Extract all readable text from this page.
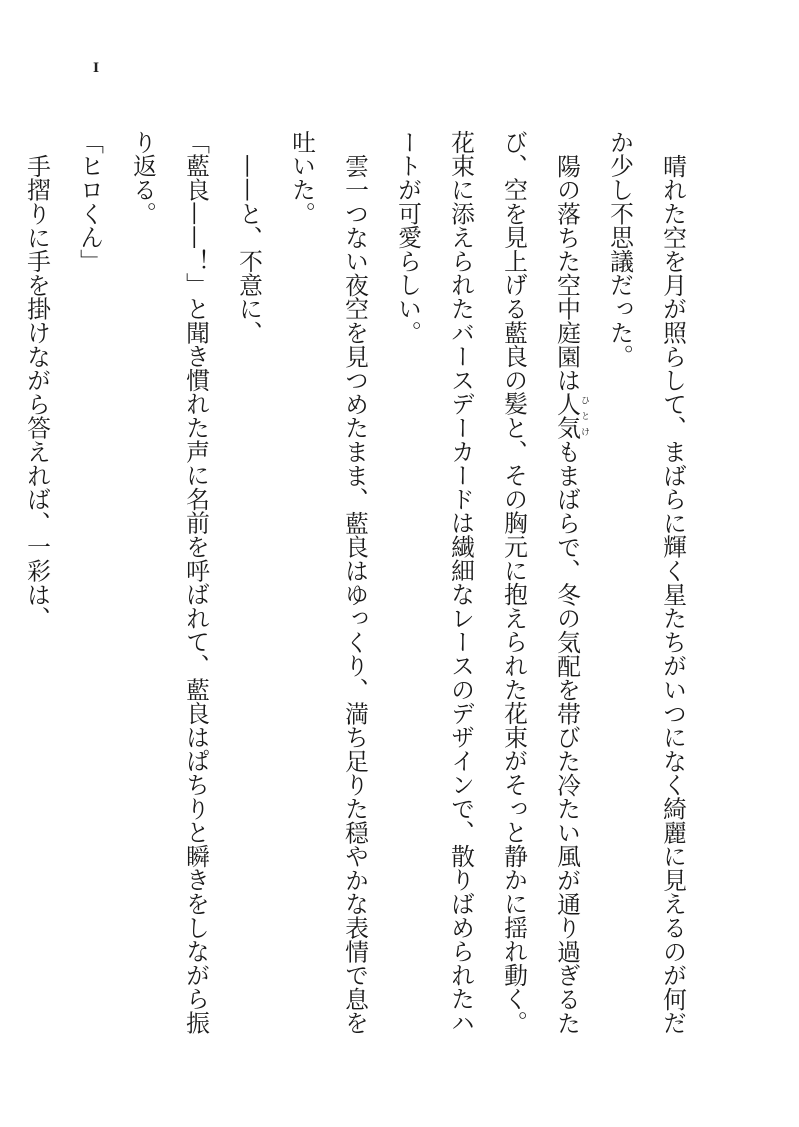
I

晴れた空を月が照らして、まばらに輝く星たちがいつになく綺麗に見えるのが何だか少し不思議だった。

陽の落ちた空中庭園は人気ひとけもまばらで、冬の気配を帯びた冷たい風が通り過ぎるたび、空を見上げる藍良の髪と、その胸元に抱えられた花束がそっと静かに揺れ動く。花束に添えられたバースデーカードは繊細なレースのデザインで、散りばめられたハートが可愛らしい。

雲一つない夜空を見つめたまま、藍良はゆっくり、満ち足りた穏やかな表情で息を吐いた。

——と、不意に、

「藍良——！」と聞き慣れた声に名前を呼ばれて、藍良はぱちりと瞬きをしながら振り返る。

「ヒロくん」

手摺りに手を掛けながら答えれば、一彩は、
